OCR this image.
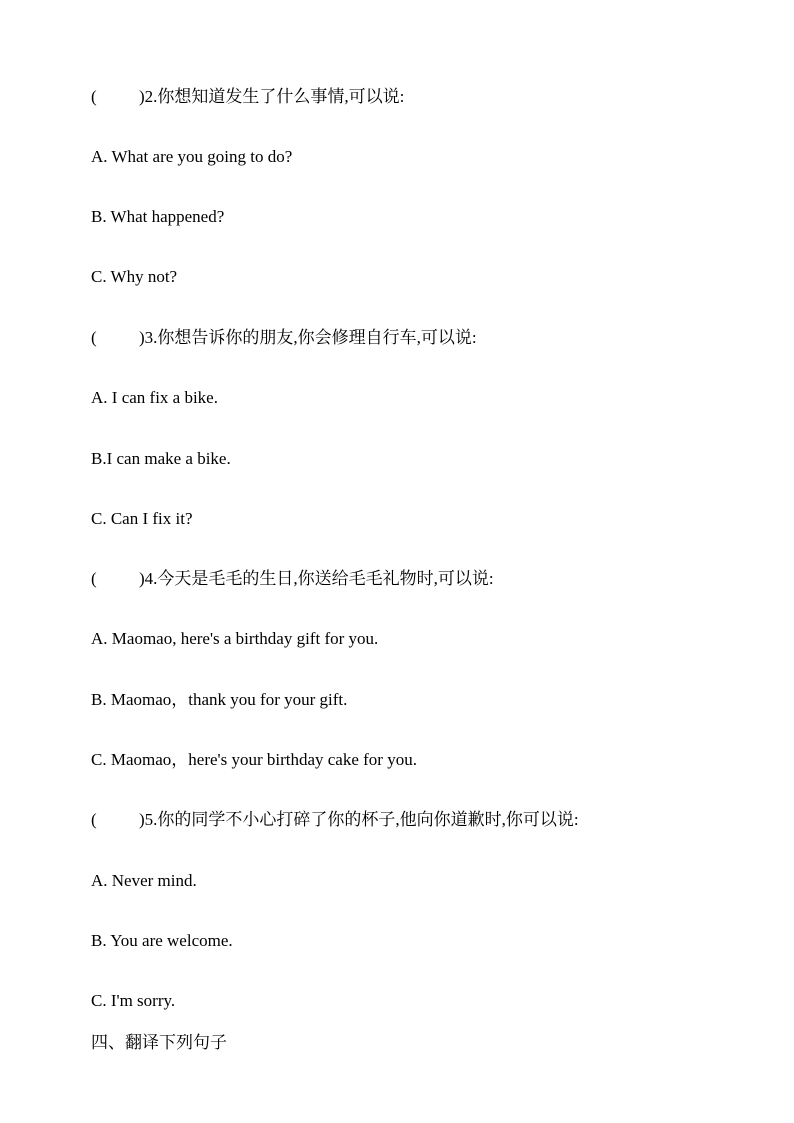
(	) 2.你想知道发生了什么事情,可以说:
A. What are you going to do?
B. What happened?
C. Why not?
(	) 3.你想告诉你的朋友,你会修理自行车,可以说:
A. I can fix a bike.
B.I can make a bike.
C. Can I fix it?
(	) 4.今天是毛毛的生日,你送给毛毛礼物时,可以说:
A. Maomao, here's a birthday gift for you.
B. Maomao，thank you for your gift.
C. Maomao，here's your birthday cake for you.
(	) 5.你的同学不小心打碎了你的杯子,他向你道歉时,你可以说:
A. Never mind.
B. You are welcome.
C. I'm sorry.
四、翻译下列句子
